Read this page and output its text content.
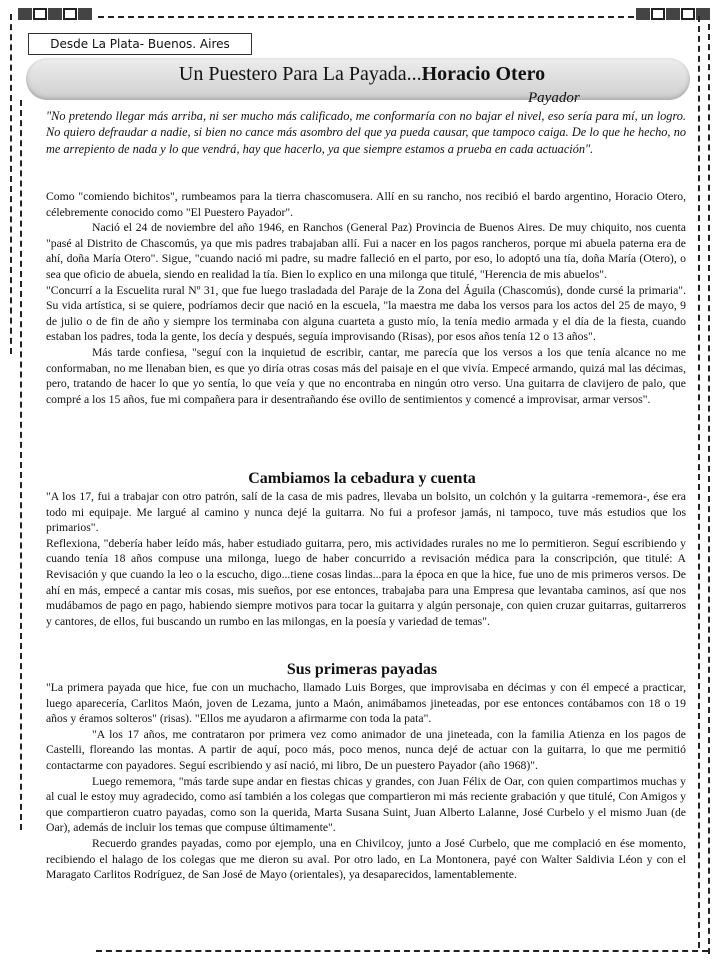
Desde La Plata- Buenos. Aires
Un Puestero Para La Payada...Horacio Otero
Payador
"No pretendo llegar más arriba, ni ser mucho más calificado, me conformaría con no bajar el nivel, eso sería para mí, un logro. No quiero defraudar a nadie, si bien no cance más asombro del que ya pueda causar, que tampoco caiga. De lo que he hecho, no me arrepiento de nada y lo que vendrá, hay que hacerlo, ya que siempre estamos a prueba en cada actuación".

Como "comiendo bichitos", rumbeamos para la tierra chascomusera. Allí en su rancho, nos recibió el bardo argentino, Horacio Otero, célebremente conocido como "El Puestero Payador".

Nació el 24 de noviembre del año 1946, en Ranchos (General Paz) Provincia de Buenos Aires. De muy chiquito, nos cuenta "pasé al Distrito de Chascomús, ya que mis padres trabajaban allí. Fui a nacer en los pagos rancheros, porque mi abuela paterna era de ahí, doña María Otero". Sigue, "cuando nació mi padre, su madre falleció en el parto, por eso, lo adoptó una tía, doña María (Otero), o sea que oficio de abuela, siendo en realidad la tía. Bien lo explico en una milonga que titulé, "Herencia de mis abuelos".

"Concurrí a la Escuelita rural Nº 31, que fue luego trasladada del Paraje de la Zona del Águila (Chascomús), donde cursé la primaria". Su vida artística, si se quiere, podríamos decir que nació en la escuela, "la maestra me daba los versos para los actos del 25 de mayo, 9 de julio o de fin de año y siempre los terminaba con alguna cuarteta a gusto mío, la tenía medio armada y el día de la fiesta, cuando estaban los padres, toda la gente, los decía y después, seguía improvisando (Risas), por esos años tenía 12 o 13 años".

Más tarde confiesa, "seguí con la inquietud de escribir, cantar, me parecía que los versos a los que tenía alcance no me conformaban, no me llenaban bien, es que yo diría otras cosas más del paisaje en el que vivía. Empecé armando, quizá mal las décimas, pero, tratando de hacer lo que yo sentía, lo que veía y que no encontraba en ningún otro verso. Una guitarra de clavijero de palo, que compré a los 15 años, fue mi compañera para ir desentrañando ése ovillo de sentimientos y comencé a improvisar, armar versos".

Cambiamos la cebadura y cuenta

"A los 17, fui a trabajar con otro patrón, salí de la casa de mis padres, llevaba un bolsito, un colchón y la guitarra -rememora-, ése era todo mi equipaje. Me largué al camino y nunca dejé la guitarra. No fui a profesor jamás, ni tampoco, tuve más estudios que los primarios".

Reflexiona, "debería haber leído más, haber estudiado guitarra, pero, mis actividades rurales no me lo permitieron. Seguí escribiendo y cuando tenía 18 años compuse una milonga, luego de haber concurrido a revisación médica para la conscripción, que titulé: A Revisación y que cuando la leo o la escucho, digo...tiene cosas lindas...para la época en que la hice, fue uno de mis primeros versos. De ahí en más, empecé a cantar mis cosas, mis sueños, por ese entonces, trabajaba para una Empresa que levantaba caminos, así que nos mudábamos de pago en pago, habiendo siempre motivos para tocar la guitarra y algún personaje, con quien cruzar guitarras, guitarreros y cantores, de ellos, fui buscando un rumbo en las milongas, en la poesía y variedad de temas".

Sus primeras payadas

"La primera payada que hice, fue con un muchacho, llamado Luis Borges, que improvisaba en décimas y con él empecé a practicar, luego aparecería, Carlitos Maón, joven de Lezama, junto a Maón, animábamos jineteadas, por ese entonces contábamos con 18 o 19 años y éramos solteros" (risas). "Ellos me ayudaron a afirmarme con toda la pata".

"A los 17 años, me contrataron por primera vez como animador de una jineteada, con la familia Atienza en los pagos de Castelli, floreando las montas. A partir de aquí, poco más, poco menos, nunca dejé de actuar con la guitarra, lo que me permitió contactarme con payadores. Seguí escribiendo y así nació, mi libro, De un puestero Payador (año 1968)".

Luego rememora, "más tarde supe andar en fiestas chicas y grandes, con Juan Félix de Oar, con quien compartimos muchas y al cual le estoy muy agradecido, como así también a los colegas que compartieron mi más reciente grabación y que titulé, Con Amigos y que compartieron cuatro payadas, como son la querida, Marta Susana Suint, Juan Alberto Lalanne, José Curbelo y el mismo Juan (de Oar), además de incluir los temas que compuse últimamente".

Recuerdo grandes payadas, como por ejemplo, una en Chivilcoy, junto a José Curbelo, que me complació en ése momento, recibiendo el halago de los colegas que me dieron su aval. Por otro lado, en La Montonera, payé con Walter Saldivia Léon y con el Maragato Carlitos Rodríguez, de San José de Mayo (orientales), ya desaparecidos, lamentablemente.
